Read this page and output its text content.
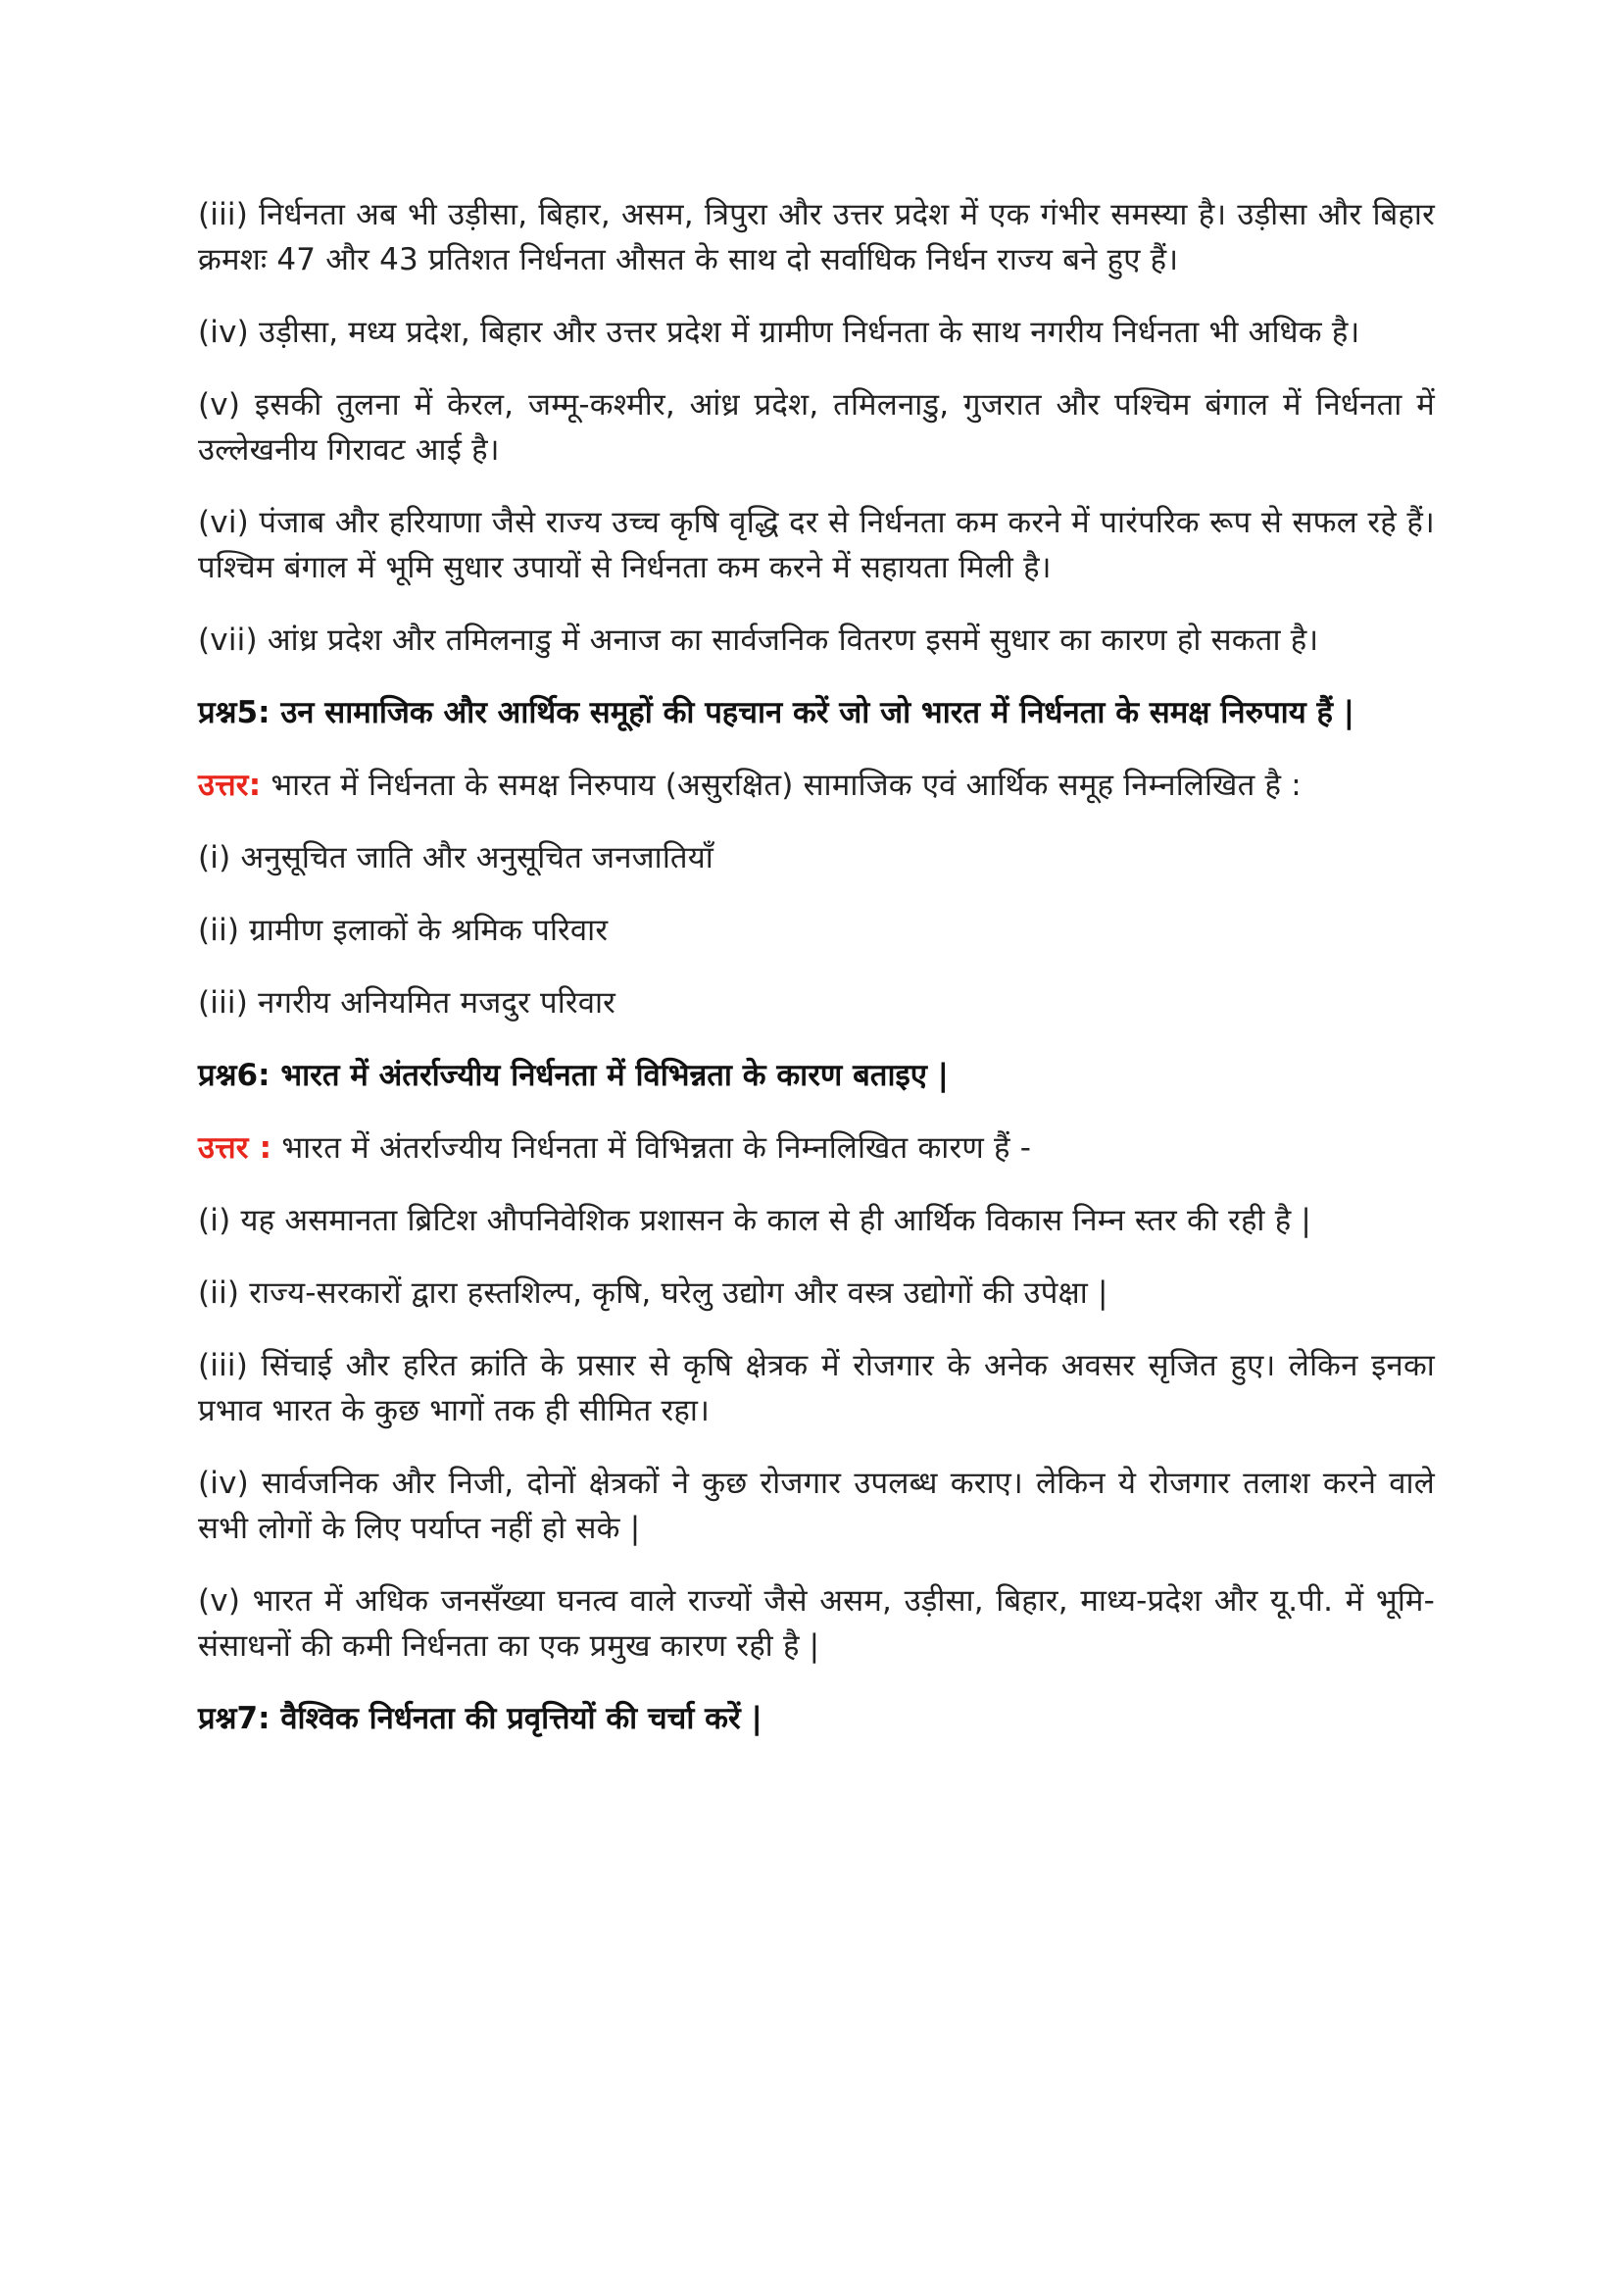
(iii) निर्धनता अब भी उड़ीसा, बिहार, असम, त्रिपुरा और उत्तर प्रदेश में एक गंभीर समस्या है। उड़ीसा और बिहार क्रमशः 47 और 43 प्रतिशत निर्धनता औसत के साथ दो सर्वाधिक निर्धन राज्य बने हुए हैं।

(iv) उड़ीसा, मध्य प्रदेश, बिहार और उत्तर प्रदेश में ग्रामीण निर्धनता के साथ नगरीय निर्धनता भी अधिक है।

(v) इसकी तुलना में केरल, जम्मू-कश्मीर, आंध्र प्रदेश, तमिलनाडु, गुजरात और पश्चिम बंगाल में निर्धनता में उल्लेखनीय गिरावट आई है।

(vi) पंजाब और हरियाणा जैसे राज्य उच्च कृषि वृद्धि दर से निर्धनता कम करने में पारंपरिक रूप से सफल रहे हैं। पश्चिम बंगाल में भूमि सुधार उपायों से निर्धनता कम करने में सहायता मिली है।

(vii) आंध्र प्रदेश और तमिलनाडु में अनाज का सार्वजनिक वितरण इसमें सुधार का कारण हो सकता है।

प्रश्न5: उन सामाजिक और आर्थिक समूहों की पहचान करें जो जो भारत में निर्धनता के समक्ष निरुपाय हैं |

उत्तर: भारत में निर्धनता के समक्ष निरुपाय (असुरक्षित) सामाजिक एवं आर्थिक समूह निम्नलिखित है :

(i) अनुसूचित जाति और अनुसूचित जनजातियाँ

(ii) ग्रामीण इलाकों के श्रमिक परिवार

(iii) नगरीय अनियमित मजदुर परिवार

प्रश्न6: भारत में अंतर्राज्यीय निर्धनता में विभिन्नता के कारण बताइए |

उत्तर : भारत में अंतर्राज्यीय निर्धनता में विभिन्नता के निम्नलिखित कारण हैं -

(i) यह असमानता ब्रिटिश औपनिवेशिक प्रशासन के काल से ही आर्थिक विकास निम्न स्तर की रही है |

(ii) राज्य-सरकारों द्वारा हस्तशिल्प, कृषि, घरेलु उद्योग और वस्त्र उद्योगों की उपेक्षा |

(iii) सिंचाई और हरित क्रांति के प्रसार से कृषि क्षेत्रक में रोजगार के अनेक अवसर सृजित हुए। लेकिन इनका प्रभाव भारत के कुछ भागों तक ही सीमित रहा।

(iv) सार्वजनिक और निजी, दोनों क्षेत्रकों ने कुछ रोजगार उपलब्ध कराए। लेकिन ये रोजगार तलाश करने वाले सभी लोगों के लिए पर्याप्त नहीं हो सके |

(v) भारत में अधिक जनसँख्या घनत्व वाले राज्यों जैसे असम, उड़ीसा, बिहार, माध्य-प्रदेश और यू.पी. में भूमि-संसाधनों की कमी निर्धनता का एक प्रमुख कारण रही है |

प्रश्न7: वैश्विक निर्धनता की प्रवृत्तियों की चर्चा करें |
